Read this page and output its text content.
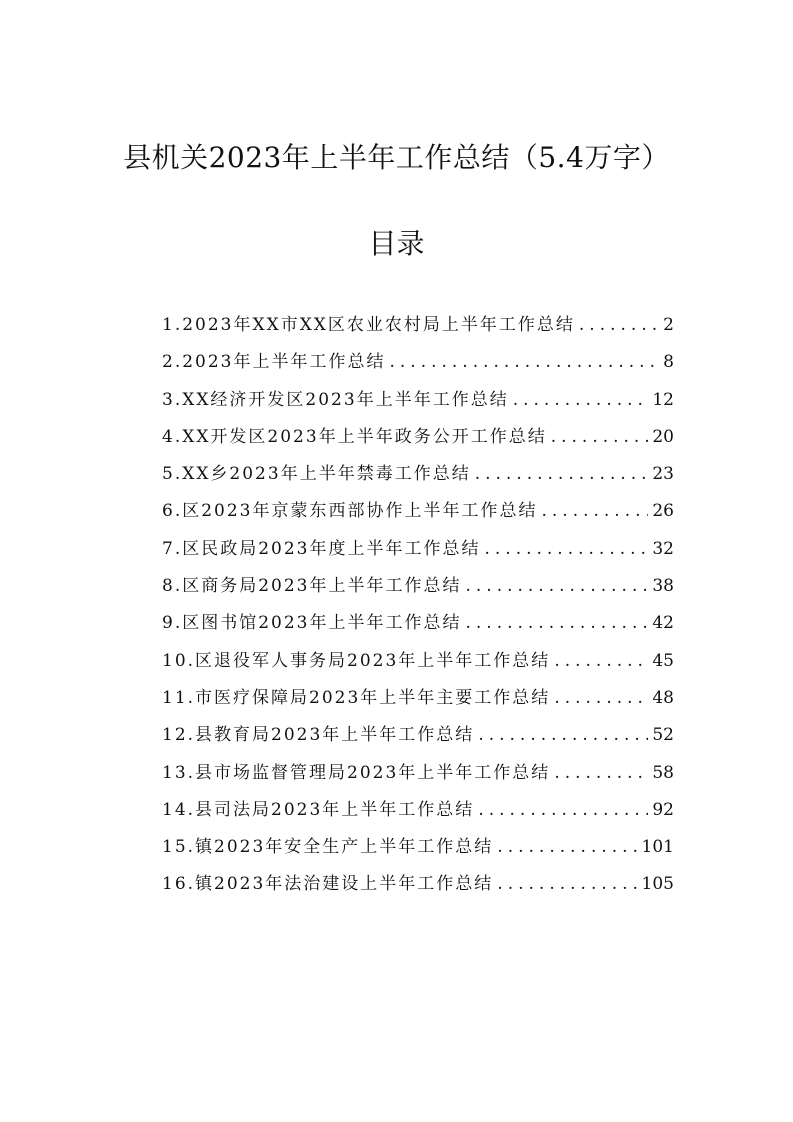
县机关2023年上半年工作总结（5.4万字）
目录
1.2023年XX市XX区农业农村局上半年工作总结 .....	2
2.2023年上半年工作总结 .....	8
3.XX经济开发区2023年上半年工作总结 .....	12
4.XX开发区2023年上半年政务公开工作总结 .....	20
5.XX乡2023年上半年禁毒工作总结 .....	23
6.区2023年京蒙东西部协作上半年工作总结 .....	26
7.区民政局2023年度上半年工作总结 .....	32
8.区商务局2023年上半年工作总结 .....	38
9.区图书馆2023年上半年工作总结 .....	42
10.区退役军人事务局2023年上半年工作总结 .....	45
11.市医疗保障局2023年上半年主要工作总结 .....	48
12.县教育局2023年上半年工作总结 .....	52
13.县市场监督管理局2023年上半年工作总结 .....	58
14.县司法局2023年上半年工作总结 .....	92
15.镇2023年安全生产上半年工作总结 .....	101
16.镇2023年法治建设上半年工作总结 .....	105
